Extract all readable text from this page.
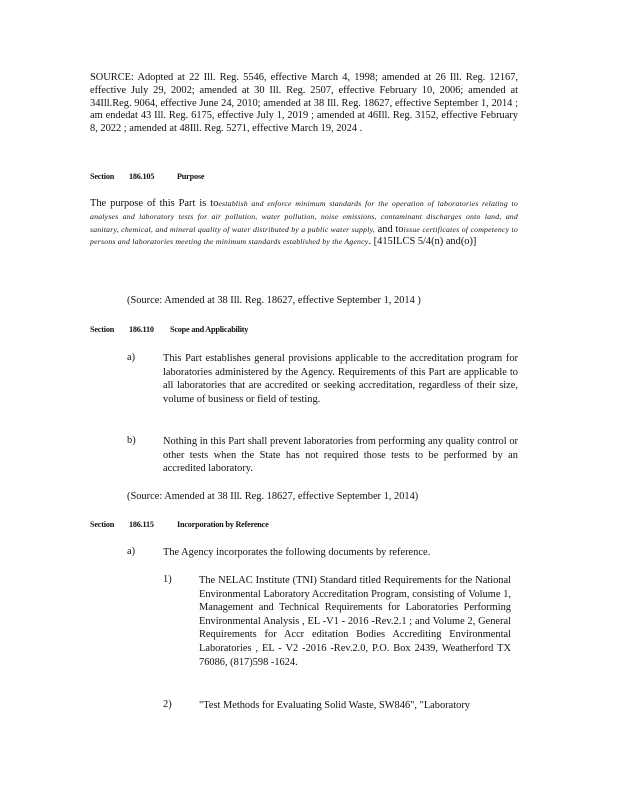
SOURCE: Adopted at 22 Ill. Reg. 5546, effective March 4, 1998; amended at 26 Ill. Reg. 12167, effective July 29, 2002; amended at 30 Ill. Reg. 2507, effective February 10, 2006; amended at 34Ill.Reg. 9064, effective June 24, 2010; amended at 38 Ill. Reg. 18627, effective September 1, 2014 ; am endedat 43 Ill. Reg. 6175, effective July 1, 2019 ; amended at 46Ill. Reg. 3152, effective February 8, 2022 ; amended at 48Ill. Reg. 5271, effective March 19, 2024 .
Section 186.105	Purpose
The purpose of this Part is toestablish and enforce minimum standards for the operation of laboratories relating to analyses and laboratory tests for air pollution, water pollution, noise emissions, contaminant discharges onto land, and sanitary, chemical, and mineral quality of water distributed by a public water supply, and toissue certificates of competency to persons and laboratories meeting the minimum standards established by the Agency. [415ILCS 5/4(n) and(o)]
(Source: Amended at 38 Ill. Reg. 18627, effective September 1, 2014 )
Section 186.110 Scope and Applicability
a)	This Part establishes general provisions applicable to the accreditation program for laboratories administered by the Agency. Requirements of this Part are applicable to all laboratories that are accredited or seeking accreditation, regardless of their size, volume of business or field of testing.
b)	Nothing in this Part shall prevent laboratories from performing any quality control or other tests when the State has not required those tests to be performed by an accredited laboratory.
(Source: Amended at 38 Ill. Reg. 18627, effective September 1, 2014)
Section 186.115	Incorporation by Reference
a)	The Agency incorporates the following documents by reference.
1)	The NELAC Institute (TNI) Standard titled Requirements for the National Environmental Laboratory Accreditation Program, consisting of Volume 1, Management and Technical Requirements for Laboratories Performing Environmental Analysis , EL -V1 - 2016 -Rev.2.1 ; and Volume 2, General Requirements for Accr editation Bodies Accrediting Environmental Laboratories , EL - V2 -2016 -Rev.2.0, P.O. Box 2439, Weatherford TX 76086, (817)598 -1624.
2)	"Test Methods for Evaluating Solid Waste, SW846", "Laboratory
